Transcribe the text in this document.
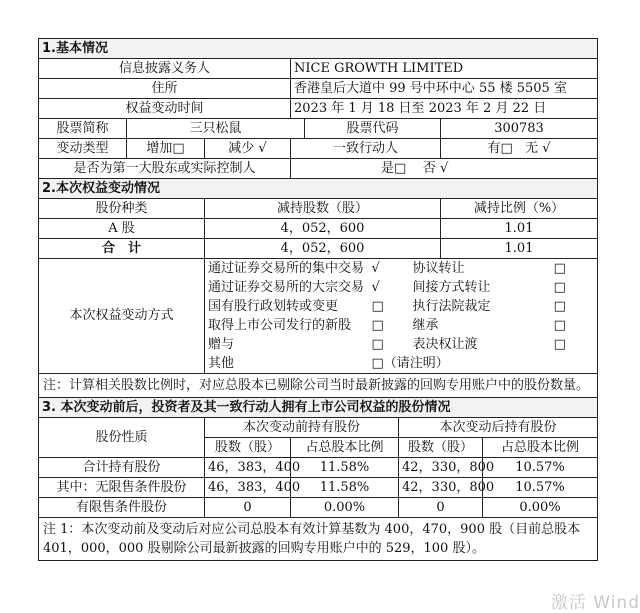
1.基本情况									
信息披露义务人			NICE GROWTH LIMITED						
住所			香港皇后大道中 99 号中环中心 55 楼 5505 室						
权益变动时间			2023 年 1 月 18 日至 2023 年 2 月 22 日						
股票简称	三只松鼠			股票代码			300783		
变动类型	增加□	减少 √	一致行动人				有□ 无 √		
是否为第一大股东或实际控制人			是□ 否 √						
2.本次权益变动情况									
股份种类		减持股数（股）					减持比例（%）		
A 股		4，052，600					1.01		
合　计		4，052，600					1.01		
本次权益变动方式		通过证券交易所的集中交易			√	协议转让			□
		通过证券交易所的大宗交易			√	间接方式转让			□
		国有股行政划转或变更			□	执行法院裁定			□
		取得上市公司发行的新股			□	继承			□
		赠与			□	表决权让渡			□
		其他			□（请注明）				
注：计算相关股数比例时，对应总股本已剔除公司当时最新披露的回购专用账户中的股份数量。									
3. 本次变动前后，投资者及其一致行动人拥有上市公司权益的股份情况									
股份性质		本次变动前持有股份				本次变动后持有股份			
		股数（股）	占总股本比例			股数（股）		占总股本比例	
合计持有股份		46，383，400	11.58%			42，330，800		10.57%	
其中：无限售条件股份		46，383，400	11.58%			42，330，800		10.57%	
有限售条件股份		0	0.00%			0		0.00%	
注 1：本次变动前及变动后对应公司总股本有效计算基数为 400，470，900 股（目前总股本 401，000，000 股剔除公司最新披露的回购专用账户中的 529，100 股）。									
激活 Wind
